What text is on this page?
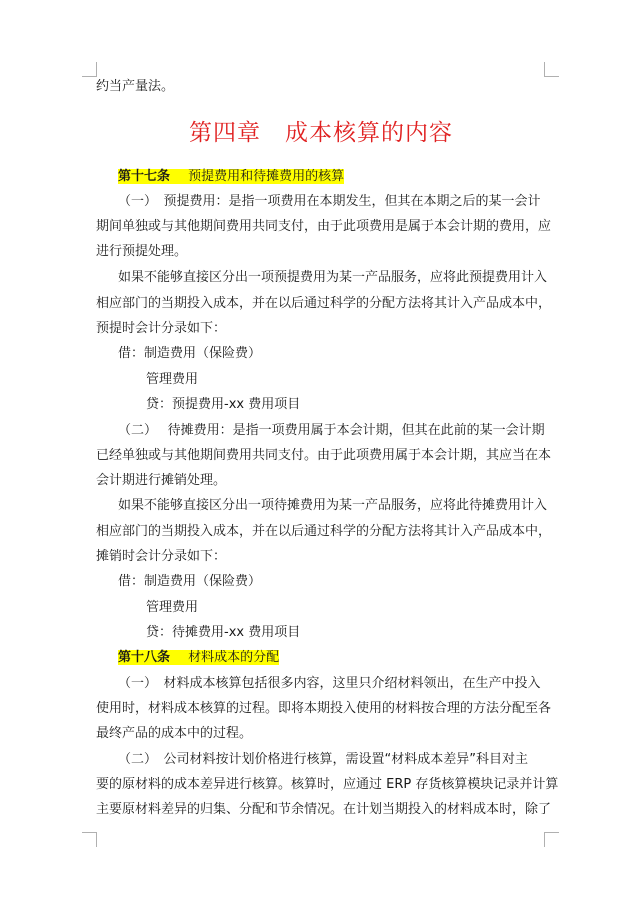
约当产量法。
第四章　成本核算的内容
第十七条 预提费用和待摊费用的核算
（一）　预提费用：是指一项费用在本期发生，但其在本期之后的某一会计
期间单独或与其他期间费用共同支付，由于此项费用是属于本会计期的费用，应
进行预提处理。
如果不能够直接区分出一项预提费用为某一产品服务，应将此预提费用计入
相应部门的当期投入成本，并在以后通过科学的分配方法将其计入产品成本中，
预提时会计分录如下：
借：制造费用（保险费）
管理费用
贷：预提费用-xx 费用项目
（二）　 待摊费用：是指一项费用属于本会计期，但其在此前的某一会计期
已经单独或与其他期间费用共同支付。由于此项费用属于本会计期，其应当在本
会计期进行摊销处理。
如果不能够直接区分出一项待摊费用为某一产品服务，应将此待摊费用计入
相应部门的当期投入成本，并在以后通过科学的分配方法将其计入产品成本中，
摊销时会计分录如下：
借：制造费用（保险费）
管理费用
贷：待摊费用-xx 费用项目
第十八条 材料成本的分配
（一）　材料成本核算包括很多内容，这里只介绍材料领出，在生产中投入
使用时，材料成本核算的过程。即将本期投入使用的材料按合理的方法分配至各
最终产品的成本中的过程。
（二）　公司材料按计划价格进行核算，需设置“材料成本差异”科目对主
要的原材料的成本差异进行核算。核算时，应通过 ERP 存货核算模块记录并计算
主要原材料差异的归集、分配和节余情况。在计划当期投入的材料成本时，除了
